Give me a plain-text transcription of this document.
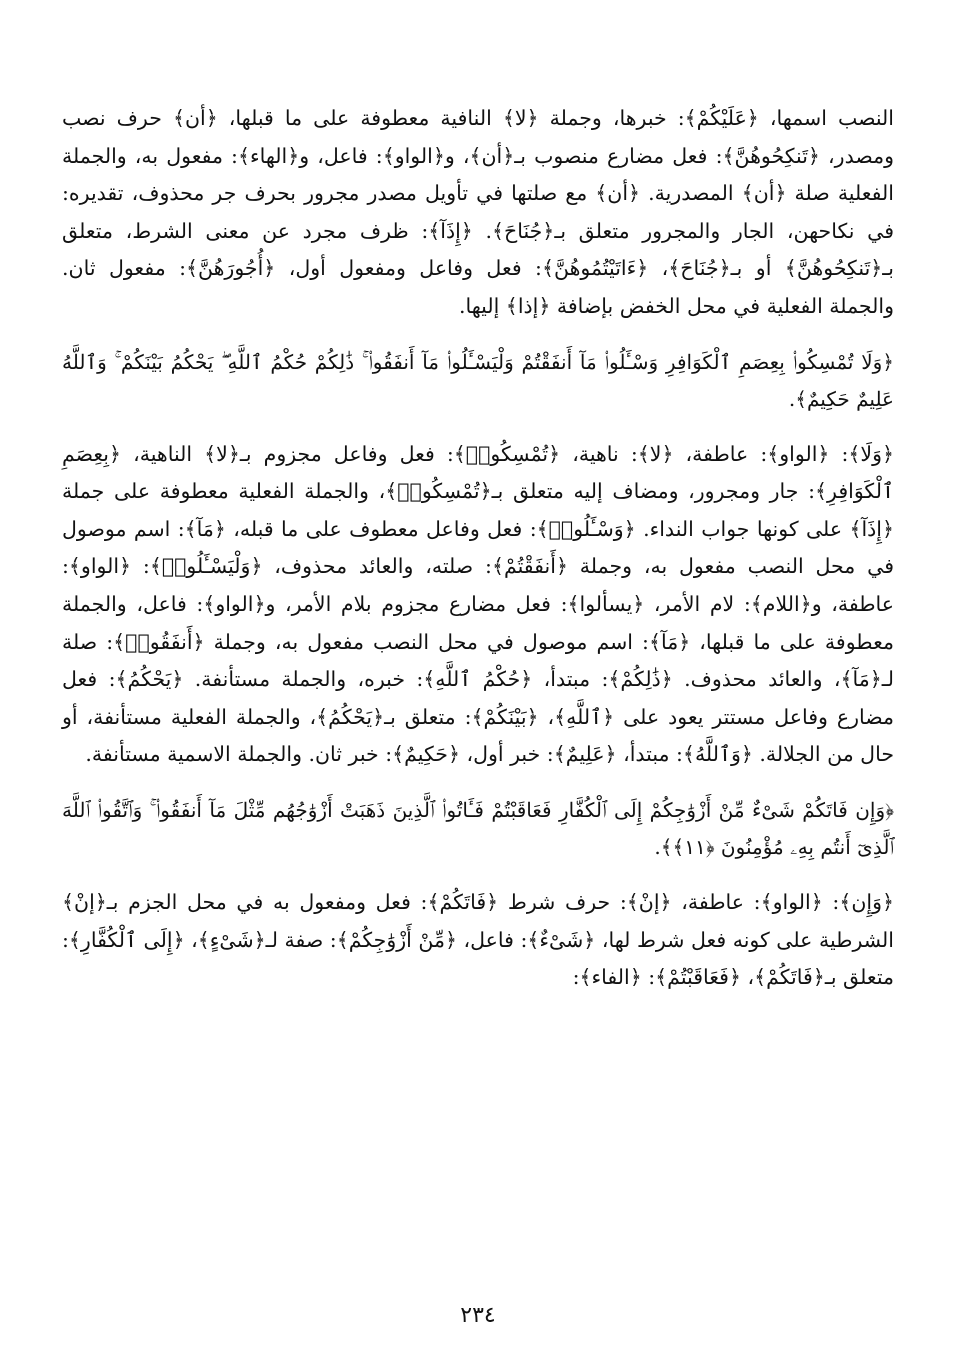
النصب اسمها، ﴿عَلَيْكُمْ﴾: خبرها، وجملة ﴿لا﴾ النافية معطوفة على ما قبلها، ﴿أن﴾ حرف نصب ومصدر، ﴿تَنكِحُوهُنَّ﴾: فعل مضارع منصوب بـ﴿أن﴾، و﴿الواو﴾: فاعل، و﴿الهاء﴾: مفعول به، والجملة الفعلية صلة ﴿أن﴾ المصدرية. ﴿أن﴾ مع صلتها في تأويل مصدر مجرور بحرف جر محذوف، تقديره: في نكاحهن، الجار والمجرور متعلق بـ﴿جُنَاحَ﴾. ﴿إِذَآ﴾: ظرف مجرد عن معنى الشرط، متعلق بـ﴿تَنكِحُوهُنَّ﴾ أو بـ﴿جُنَاحَ﴾، ﴿ءَاتَيْتُمُوهُنَّ﴾: فعل وفاعل ومفعول أول، ﴿أُجُورَهُنَّ﴾: مفعول ثان. والجملة الفعلية في محل الخفض بإضافة ﴿إذا﴾ إليها.

﴿وَلَا تُمْسِكُوا۟ بِعِصَمِ ٱلْكَوَافِرِ وَسْـَٔلُوا۟ مَآ أَنفَقْتُمْ وَلْيَسْـَٔلُوا۟ مَآ أَنفَقُوا۟ ۚ ذَٰلِكُمْ حُكْمُ ٱللَّهِ ۖ يَحْكُمُ بَيْنَكُمْ ۚ وَٱللَّهُ عَلِيمٌ حَكِيمٌ﴾.

﴿وَلَا﴾: ﴿الواو﴾: عاطفة، ﴿لا﴾: ناهية، ﴿تُمْسِكُوا۟﴾: فعل وفاعل مجزوم بـ﴿لا﴾ الناهية، ﴿بِعِصَمِ ٱلْكَوَافِرِ﴾: جار ومجرور، ومضاف إليه متعلق بـ﴿تُمْسِكُوا۟﴾، والجملة الفعلية معطوفة على جملة ﴿إِذَآ﴾ على كونها جواب النداء. ﴿وَسْـَٔلُوا۟﴾: فعل وفاعل معطوف على ما قبله، ﴿مَآ﴾: اسم موصول في محل النصب مفعول به، وجملة ﴿أَنفَقْتُمْ﴾: صلته، والعائد محذوف، ﴿وَلْيَسْـَٔلُوا۟﴾: ﴿الواو﴾: عاطفة، و﴿اللام﴾: لام الأمر، ﴿يسألوا﴾: فعل مضارع مجزوم بلام الأمر، و﴿الواو﴾: فاعل، والجملة معطوفة على ما قبلها، ﴿مَآ﴾: اسم موصول في محل النصب مفعول به، وجملة ﴿أَنفَقُوا۟﴾: صلة لـ﴿مَآ﴾، والعائد محذوف. ﴿ذَٰلِكُمْ﴾: مبتدأ، ﴿حُكْمُ ٱللَّهِ﴾: خبره، والجملة مستأنفة. ﴿يَحْكُمُ﴾: فعل مضارع وفاعل مستتر يعود على ﴿ٱللَّهِ﴾، ﴿بَيْنَكُمْ﴾: متعلق بـ﴿يَحْكُمُ﴾، والجملة الفعلية مستأنفة، أو حال من الجلالة. ﴿وَٱللَّهُ﴾: مبتدأ، ﴿عَلِيمٌ﴾: خبر أول، ﴿حَكِيمٌ﴾: خبر ثان. والجملة الاسمية مستأنفة.

﴿وَإِن فَاتَكُمْ شَىْءٌ مِّنْ أَزْوَٰجِكُمْ إِلَى ٱلْكُفَّارِ فَعَاقَبْتُمْ فَـَٔاتُوا۟ ٱلَّذِينَ ذَهَبَتْ أَزْوَٰجُهُم مِّثْلَ مَآ أَنفَقُوا۟ ۚ وَٱتَّقُوا۟ ٱللَّهَ ٱلَّذِىٓ أَنتُم بِهِۦ مُؤْمِنُونَ ﴿١١﴾﴾.

﴿وَإِن﴾: ﴿الواو﴾: عاطفة، ﴿إنْ﴾: حرف شرط ﴿فَاتَكُمْ﴾: فعل ومفعول به في محل الجزم بـ﴿إنْ﴾ الشرطية على كونه فعل شرط لها، ﴿شَىْءٌ﴾: فاعل، ﴿مِّنْ أَزْوَٰجِكُمْ﴾: صفة لـ﴿شَىْءٍ﴾، ﴿إِلَى ٱلْكُفَّارِ﴾: متعلق بـ﴿فَاتَكُمْ﴾، ﴿فَعَاقَبْتُمْ﴾: ﴿الفاء﴾:

٢٣٤
